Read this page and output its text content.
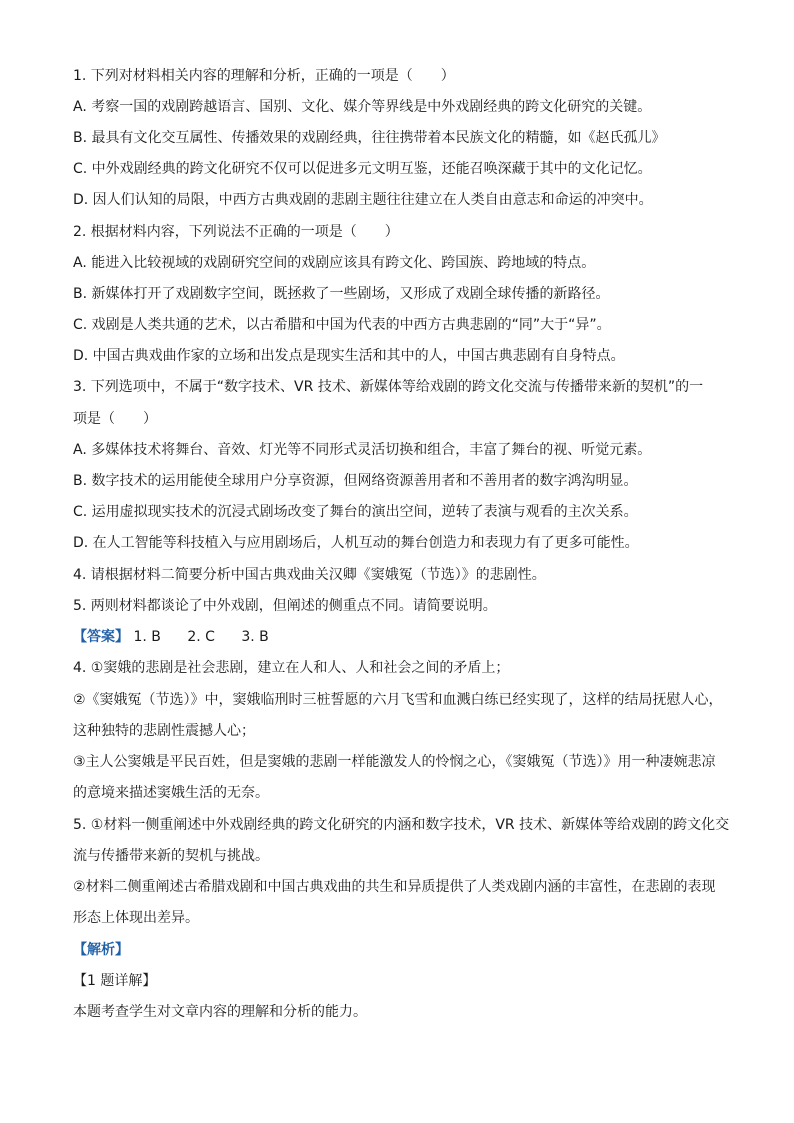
1. 下列对材料相关内容的理解和分析，正确的一项是（　　）
A. 考察一国的戏剧跨越语言、国别、文化、媒介等界线是中外戏剧经典的跨文化研究的关键。
B. 最具有文化交互属性、传播效果的戏剧经典，往往携带着本民族文化的精髓，如《赵氏孤儿》
C. 中外戏剧经典的跨文化研究不仅可以促进多元文明互鉴，还能召唤深藏于其中的文化记忆。
D. 因人们认知的局限，中西方古典戏剧的悲剧主题往往建立在人类自由意志和命运的冲突中。
2. 根据材料内容，下列说法不正确的一项是（　　）
A. 能进入比较视域的戏剧研究空间的戏剧应该具有跨文化、跨国族、跨地域的特点。
B. 新媒体打开了戏剧数字空间，既拯救了一些剧场，又形成了戏剧全球传播的新路径。
C. 戏剧是人类共通的艺术，以古希腊和中国为代表的中西方古典悲剧的“同”大于“异”。
D. 中国古典戏曲作家的立场和出发点是现实生活和其中的人，中国古典悲剧有自身特点。
3. 下列选项中，不属于“数字技术、VR 技术、新媒体等给戏剧的跨文化交流与传播带来新的契机”的一
项是（　　）
A. 多媒体技术将舞台、音效、灯光等不同形式灵活切换和组合，丰富了舞台的视、听觉元素。
B. 数字技术的运用能使全球用户分享资源，但网络资源善用者和不善用者的数字鸿沟明显。
C. 运用虚拟现实技术的沉浸式剧场改变了舞台的演出空间，逆转了表演与观看的主次关系。
D. 在人工智能等科技植入与应用剧场后，人机互动的舞台创造力和表现力有了更多可能性。
4. 请根据材料二简要分析中国古典戏曲关汉卿《窦娥冤（节选）》的悲剧性。
5. 两则材料都谈论了中外戏剧，但阐述的侧重点不同。请简要说明。
【答案】 1. B 2. C 3. B
4. ①窦娥的悲剧是社会悲剧，建立在人和人、人和社会之间的矛盾上；
②《窦娥冤（节选）》中，窦娥临刑时三桩誓愿的六月飞雪和血溅白练已经实现了，这样的结局抚慰人心，
这种独特的悲剧性震撼人心；
③主人公窦娥是平民百姓，但是窦娥的悲剧一样能激发人的怜悯之心，《窦娥冤（节选）》用一种凄婉悲凉
的意境来描述窦娥生活的无奈。
5. ①材料一侧重阐述中外戏剧经典的跨文化研究的内涵和数字技术，VR 技术、新媒体等给戏剧的跨文化交
流与传播带来新的契机与挑战。
②材料二侧重阐述古希腊戏剧和中国古典戏曲的共生和异质提供了人类戏剧内涵的丰富性，在悲剧的表现
形态上体现出差异。
【解析】
【1 题详解】
本题考查学生对文章内容的理解和分析的能力。
